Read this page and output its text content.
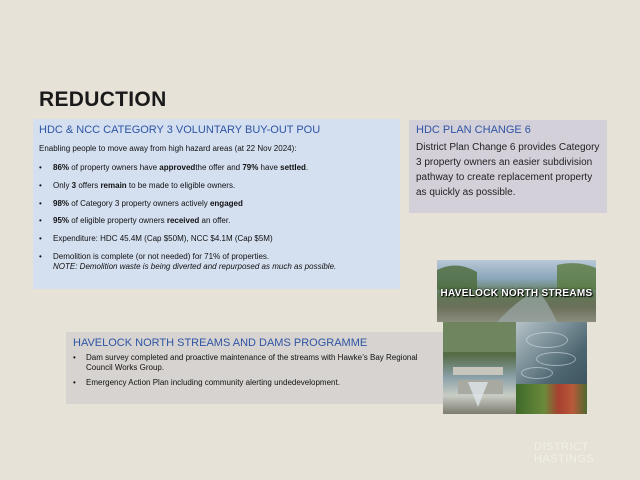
REDUCTION
HDC & NCC CATEGORY 3 VOLUNTARY BUY-OUT POU
Enabling people to move away from high hazard areas (at 22 Nov 2024):
• 86% of property owners have approvedthe offer and 79% have settled.
• Only 3 offers remain to be made to eligible owners.
• 98% of Category 3 property owners actively engaged
• 95% of eligible property owners received an offer.
• Expenditure: HDC 45.4M (Cap $50M), NCC $4.1M (Cap $5M)
• Demolition is complete (or not needed) for 71% of properties.
NOTE: Demolition waste is being diverted and repurposed as much as possible.
HDC PLAN CHANGE 6
District Plan Change 6 provides Category 3 property owners an easier subdivision pathway to create replacement property as quickly as possible.
HAVELOCK NORTH STREAMS AND DAMS PROGRAMME
• Dam survey completed and proactive maintenance of the streams with Hawke’s Bay Regional Council Works Group.
• Emergency Action Plan including community alerting undedevelopment.
HAVELOCK NORTH STREAMS
DISTRICT
HASTINGS
